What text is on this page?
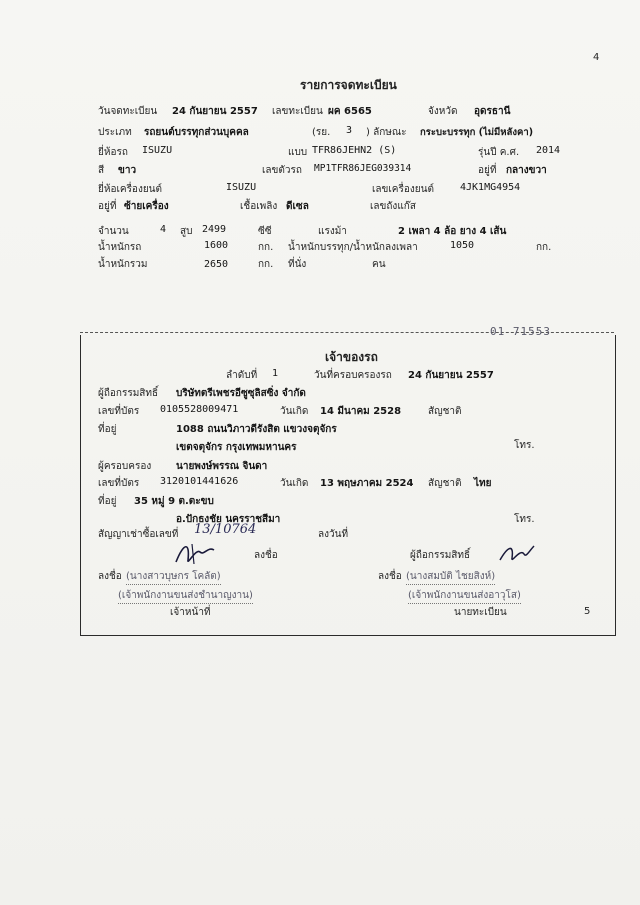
4
รายการจดทะเบียน
วันจดทะเบียน 24 กันยายน 2557 เลขทะเบียน ผค 6565	จังหวัด อุดรธานี
ประเภท รถยนต์บรรทุกส่วนบุคคล	(รย. 3 ) ลักษณะ กระบะบรรทุก (ไม่มีหลังคา)
ยี่ห้อรถ ISUZU	แบบ TFR86JEHN2 (S)	รุ่นปี ค.ศ. 2014
สี ขาว	เลขตัวรถ MP1TFR86JEG039314	อยู่ที่ กลางขวา
ยี่ห้อเครื่องยนต์	ISUZU	เลขเครื่องยนต์	4JK1MG4954
อยู่ที่ ซ้ายเครื่อง	เชื้อเพลิง ดีเซล	เลขถังแก๊ส
จำนวน	4 สูบ 2499	ซีซี	แรงม้า	2 เพลา 4 ล้อ ยาง 4 เส้น
น้ำหนักรถ	1600	กก. น้ำหนักบรรทุก/น้ำหนักลงเพลา	1050	กก.
น้ำหนักรวม	2650	กก. ที่นั่ง	คน
01 71553
เจ้าของรถ
ลำดับที่ 1	วันที่ครอบครองรถ 24 กันยายน 2557
ผู้ถือกรรมสิทธิ์ บริษัทตรีเพชรอีซูซุลิสซิ่ง จำกัด
เลขที่บัตร 0105528009471	วันเกิด 14 มีนาคม 2528	สัญชาติ
ที่อยู่	1088 ถนนวิภาวดีรังสิต แขวงจตุจักร
เขตจตุจักร กรุงเทพมหานคร	โทร.
ผู้ครอบครอง นายพงษ์พรรณ จินดา
เลขที่บัตร 3120101441626	วันเกิด 13 พฤษภาคม 2524 สัญชาติ ไทย
ที่อยู่ 35 หมู่ 9 ต.ตะขบ
อ.ปักธงชัย นครราชสีมา	โทร.
สัญญาเช่าซื้อเลขที่ 13/10764	ลงวันที่
ลงชื่อ	ผู้ถือกรรมสิทธิ์
ลงชื่อ (นางสาวบุษกร โคลัต)	ลงชื่อ (นางสมบัติ ไชยสิงห์)
(เจ้าพนักงานขนส่งชำนาญงาน)	(เจ้าพนักงานขนส่งอาวุโส)
เจ้าหน้าที่	นายทะเบียน	5
